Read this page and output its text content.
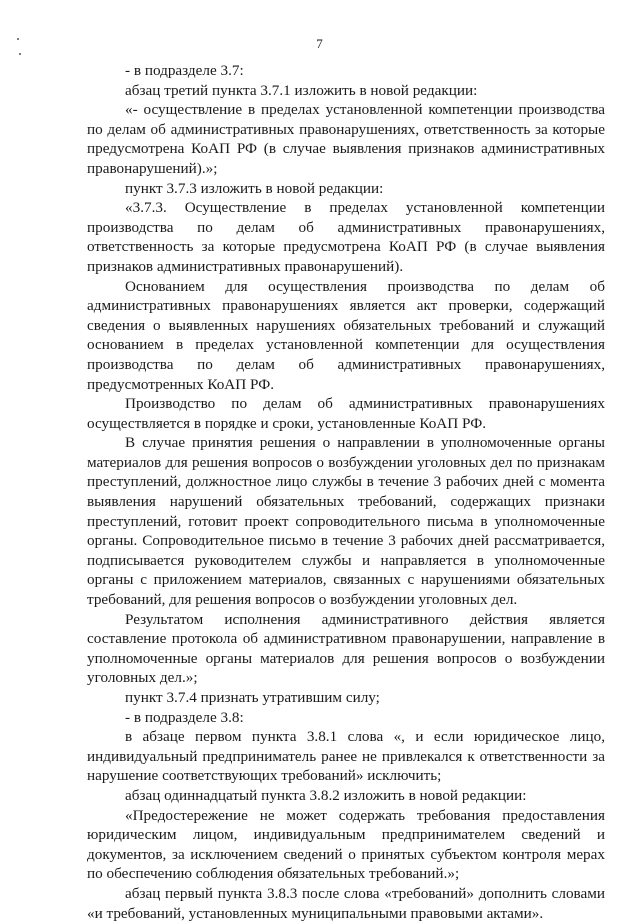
7

- в подразделе 3.7:

абзац третий пункта 3.7.1 изложить в новой редакции:

«- осуществление в пределах установленной компетенции производства по делам об административных правонарушениях, ответственность за которые предусмотрена КоАП РФ (в случае выявления признаков административных правонарушений).»;

пункт 3.7.3 изложить в новой редакции:

«3.7.3. Осуществление в пределах установленной компетенции производства по делам об административных правонарушениях, ответственность за которые предусмотрена КоАП РФ (в случае выявления признаков административных правонарушений).

Основанием для осуществления производства по делам об административных правонарушениях является акт проверки, содержащий сведения о выявленных нарушениях обязательных требований и служащий основанием в пределах установленной компетенции для осуществления производства по делам об административных правонарушениях, предусмотренных КоАП РФ.

Производство по делам об административных правонарушениях осуществляется в порядке и сроки, установленные КоАП РФ.

В случае принятия решения о направлении в уполномоченные органы материалов для решения вопросов о возбуждении уголовных дел по признакам преступлений, должностное лицо службы в течение 3 рабочих дней с момента выявления нарушений обязательных требований, содержащих признаки преступлений, готовит проект сопроводительного письма в уполномоченные органы. Сопроводительное письмо в течение 3 рабочих дней рассматривается, подписывается руководителем службы и направляется в уполномоченные органы с приложением материалов, связанных с нарушениями обязательных требований, для решения вопросов о возбуждении уголовных дел.

Результатом исполнения административного действия является составление протокола об административном правонарушении, направление в уполномоченные органы материалов для решения вопросов о возбуждении уголовных дел.»;

пункт 3.7.4 признать утратившим силу;

- в подразделе 3.8:

в абзаце первом пункта 3.8.1 слова «, и если юридическое лицо, индивидуальный предприниматель ранее не привлекался к ответственности за нарушение соответствующих требований» исключить;

абзац одиннадцатый пункта 3.8.2 изложить в новой редакции:

«Предостережение не может содержать требования предоставления юридическим лицом, индивидуальным предпринимателем сведений и документов, за исключением сведений о принятых субъектом контроля мерах по обеспечению соблюдения обязательных требований.»;

абзац первый пункта 3.8.3 после слова «требований» дополнить словами «и требований, установленных муниципальными правовыми актами».
